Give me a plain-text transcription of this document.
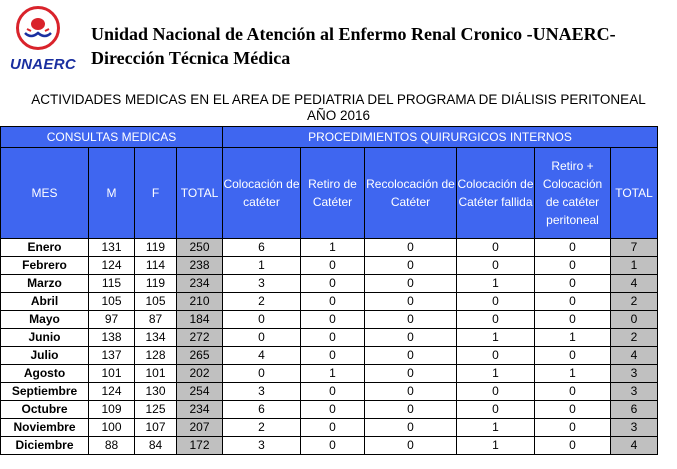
UNAERC
Unidad Nacional de Atención al Enfermo Renal Cronico -UNAERC-
Dirección Técnica Médica
ACTIVIDADES MEDICAS EN EL AREA DE PEDIATRIA DEL PROGRAMA DE DIÁLISIS PERITONEAL
AÑO 2016
CONSULTAS MEDICAS				PROCEDIMIENTOS QUIRURGICOS INTERNOS					
MES	M	F	TOTAL	Colocación de catéter	Retiro de Catéter	Recolocación de Catéter	Colocación de Catéter fallida	Retiro + Colocación de catéter peritoneal	TOTAL
Enero	131	119	250	6	1	0	0	0	7
Febrero	124	114	238	1	0	0	0	0	1
Marzo	115	119	234	3	0	0	1	0	4
Abril	105	105	210	2	0	0	0	0	2
Mayo	97	87	184	0	0	0	0	0	0
Junio	138	134	272	0	0	0	1	1	2
Julio	137	128	265	4	0	0	0	0	4
Agosto	101	101	202	0	1	0	1	1	3
Septiembre	124	130	254	3	0	0	0	0	3
Octubre	109	125	234	6	0	0	0	0	6
Noviembre	100	107	207	2	0	0	1	0	3
Diciembre	88	84	172	3	0	0	1	0	4
